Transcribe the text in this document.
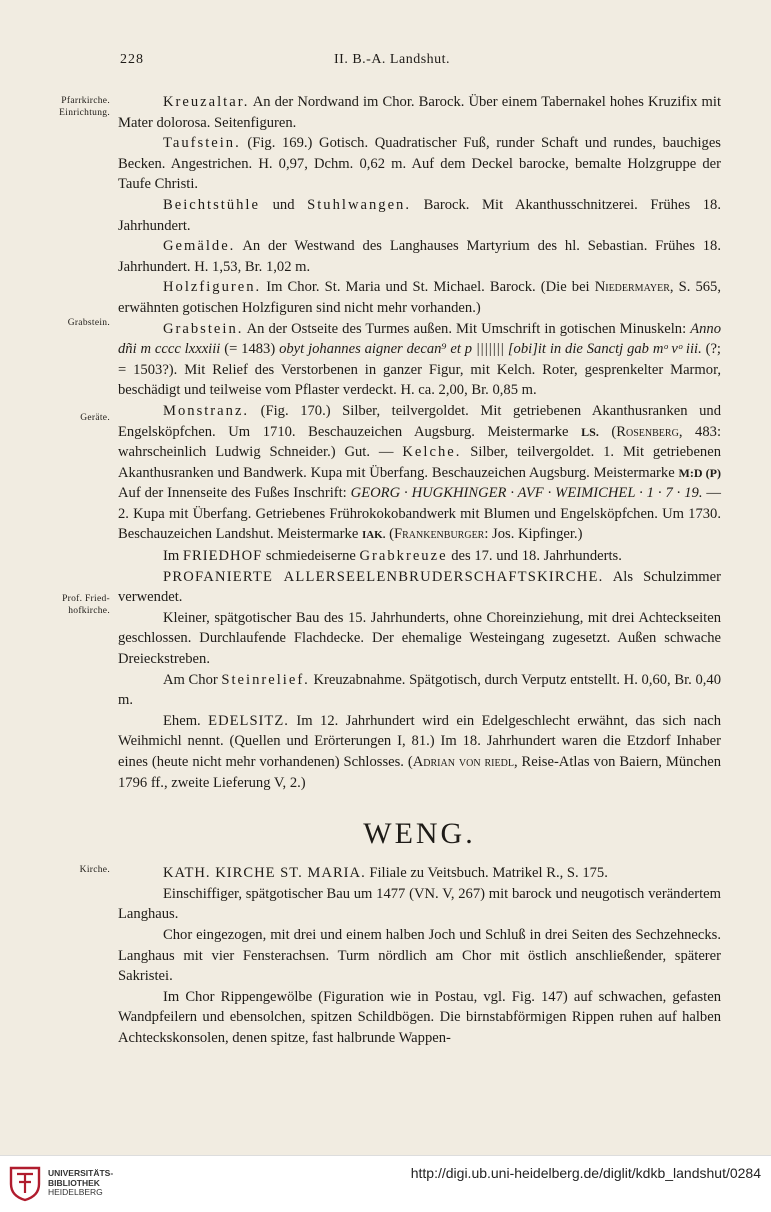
228	II. B.-A. Landshut.
Pfarrkirche.
Einrichtung.
Grabstein.
Geräte.
Prof. Fried-
hofkirche.
Kirche.

Kreuzaltar. An der Nordwand im Chor. Barock. Über einem Tabernakel hohes Kruzifix mit Mater dolorosa. Seitenfiguren.

Taufstein. (Fig. 169.) Gotisch. Quadratischer Fuß, runder Schaft und rundes, bauchiges Becken. Angestrichen. H. 0,97, Dchm. 0,62 m. Auf dem Deckel barocke, bemalte Holzgruppe der Taufe Christi.

Beichtstühle und Stuhlwangen. Barock. Mit Akanthusschnitzerei. Frühes 18. Jahrhundert.

Gemälde. An der Westwand des Langhauses Martyrium des hl. Sebastian. Frühes 18. Jahrhundert. H. 1,53, Br. 1,02 m.

Holzfiguren. Im Chor. St. Maria und St. Michael. Barock. (Die bei Niedermayer, S. 565, erwähnten gotischen Holzfiguren sind nicht mehr vorhanden.)

Grabstein. An der Ostseite des Turmes außen. Mit Umschrift in gotischen Minuskeln: Anno dñi m cccc lxxxiii (= 1483) obyt johannes aigner decan⁹ et p ||||||| [obi]it in die Sanctj gab mᵒ vᵒ iii. (?; = 1503?). Mit Relief des Verstorbenen in ganzer Figur, mit Kelch. Roter, gesprenkelter Marmor, beschädigt und teilweise vom Pflaster verdeckt. H. ca. 2,00, Br. 0,85 m.

Monstranz. (Fig. 170.) Silber, teilvergoldet. Mit getriebenen Akanthusranken und Engelsköpfchen. Um 1710. Beschauzeichen Augsburg. Meistermarke LS. (Rosenberg, 483: wahrscheinlich Ludwig Schneider.) Gut. — Kelche. Silber, teilvergoldet. 1. Mit getriebenen Akanthusranken und Bandwerk. Kupa mit Überfang. Beschauzeichen Augsburg. Meistermarke M:D (P) Auf der Innenseite des Fußes Inschrift: GEORG · HUGKHINGER · AVF · WEIMICHEL · 1 · 7 · 19. — 2. Kupa mit Überfang. Getriebenes Frührokokobandwerk mit Blumen und Engelsköpfchen. Um 1730. Beschauzeichen Landshut. Meistermarke IAK. (Frankenburger: Jos. Kipfinger.)

Im FRIEDHOF schmiedeiserne Grabkreuze des 17. und 18. Jahrhunderts.

PROFANIERTE ALLERSEELENBRUDERSCHAFTSKIRCHE. Als Schulzimmer verwendet.

Kleiner, spätgotischer Bau des 15. Jahrhunderts, ohne Choreinziehung, mit drei Achteckseiten geschlossen. Durchlaufende Flachdecke. Der ehemalige Westeingang zugesetzt. Außen schwache Dreieckstreben.

Am Chor Steinrelief. Kreuzabnahme. Spätgotisch, durch Verputz entstellt. H. 0,60, Br. 0,40 m.

Ehem. EDELSITZ. Im 12. Jahrhundert wird ein Edelgeschlecht erwähnt, das sich nach Weihmichl nennt. (Quellen und Erörterungen I, 81.) Im 18. Jahrhundert waren die Etzdorf Inhaber eines (heute nicht mehr vorhandenen) Schlosses. (Adrian von riedl, Reise-Atlas von Baiern, München 1796 ff., zweite Lieferung V, 2.)

WENG.

KATH. KIRCHE ST. MARIA. Filiale zu Veitsbuch. Matrikel R., S. 175.

Einschiffiger, spätgotischer Bau um 1477 (VN. V, 267) mit barock und neugotisch verändertem Langhaus.

Chor eingezogen, mit drei und einem halben Joch und Schluß in drei Seiten des Sechzehnecks. Langhaus mit vier Fensterachsen. Turm nördlich am Chor mit östlich anschließender, späterer Sakristei.

Im Chor Rippengewölbe (Figuration wie in Postau, vgl. Fig. 147) auf schwachen, gefasten Wandpfeilern und ebensolchen, spitzen Schildbögen. Die birnstabförmigen Rippen ruhen auf halben Achteckskonsolen, denen spitze, fast halbrunde Wappen-

UNIVERSITÄTS-
BIBLIOTHEK
HEIDELBERG
http://digi.ub.uni-heidelberg.de/diglit/kdkb_landshut/0284
